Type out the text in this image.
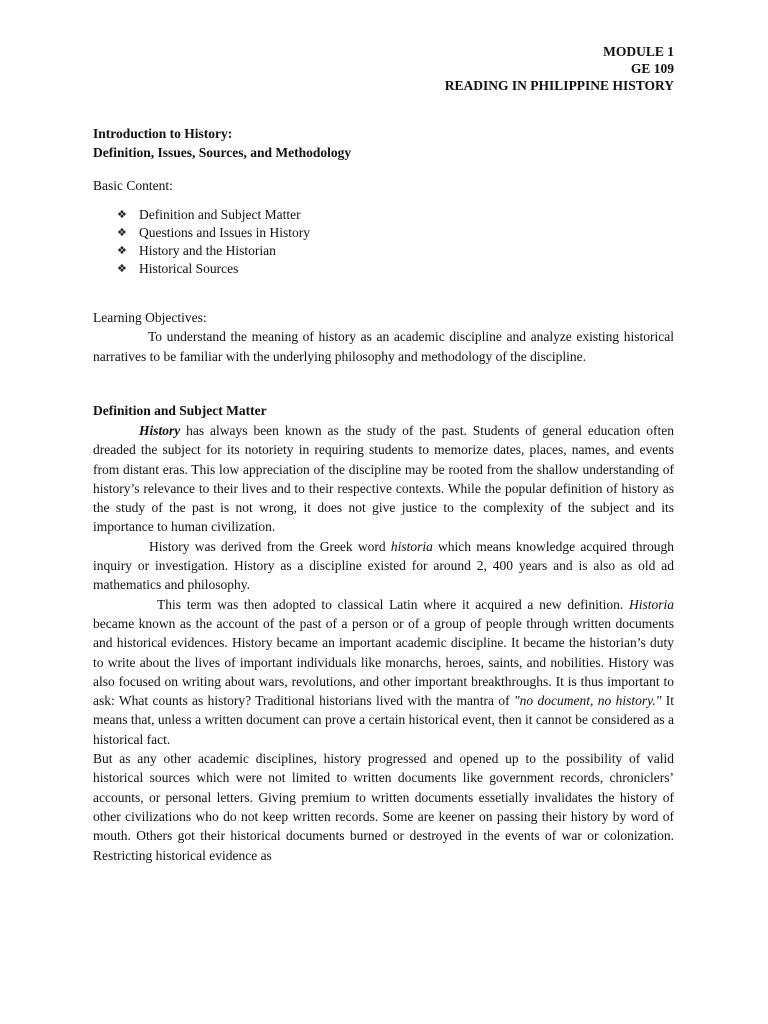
MODULE 1
GE 109
READING IN PHILIPPINE HISTORY
Introduction to History:
Definition, Issues, Sources, and Methodology
Basic Content:
❖ Definition and Subject Matter
❖ Questions and Issues in History
❖ History and the Historian
❖ Historical Sources
Learning Objectives:

To understand the meaning of history as an academic discipline and analyze existing historical narratives to be familiar with the underlying philosophy and methodology of the discipline.

Definition and Subject Matter

History has always been known as the study of the past. Students of general education often dreaded the subject for its notoriety in requiring students to memorize dates, places, names, and events from distant eras. This low appreciation of the discipline may be rooted from the shallow understanding of history’s relevance to their lives and to their respective contexts. While the popular definition of history as the study of the past is not wrong, it does not give justice to the complexity of the subject and its importance to human civilization.

History was derived from the Greek word historia which means knowledge acquired through inquiry or investigation. History as a discipline existed for around 2, 400 years and is also as old ad mathematics and philosophy.

This term was then adopted to classical Latin where it acquired a new definition. Historia became known as the account of the past of a person or of a group of people through written documents and historical evidences. History became an important academic discipline. It became the historian’s duty to write about the lives of important individuals like monarchs, heroes, saints, and nobilities. History was also focused on writing about wars, revolutions, and other important breakthroughs. It is thus important to ask: What counts as history? Traditional historians lived with the mantra of "no document, no history." It means that, unless a written document can prove a certain historical event, then it cannot be considered as a historical fact.

But as any other academic disciplines, history progressed and opened up to the possibility of valid historical sources which were not limited to written documents like government records, chroniclers’ accounts, or personal letters. Giving premium to written documents essetially invalidates the history of other civilizations who do not keep written records. Some are keener on passing their history by word of mouth. Others got their historical documents burned or destroyed in the events of war or colonization. Restricting historical evidence as
